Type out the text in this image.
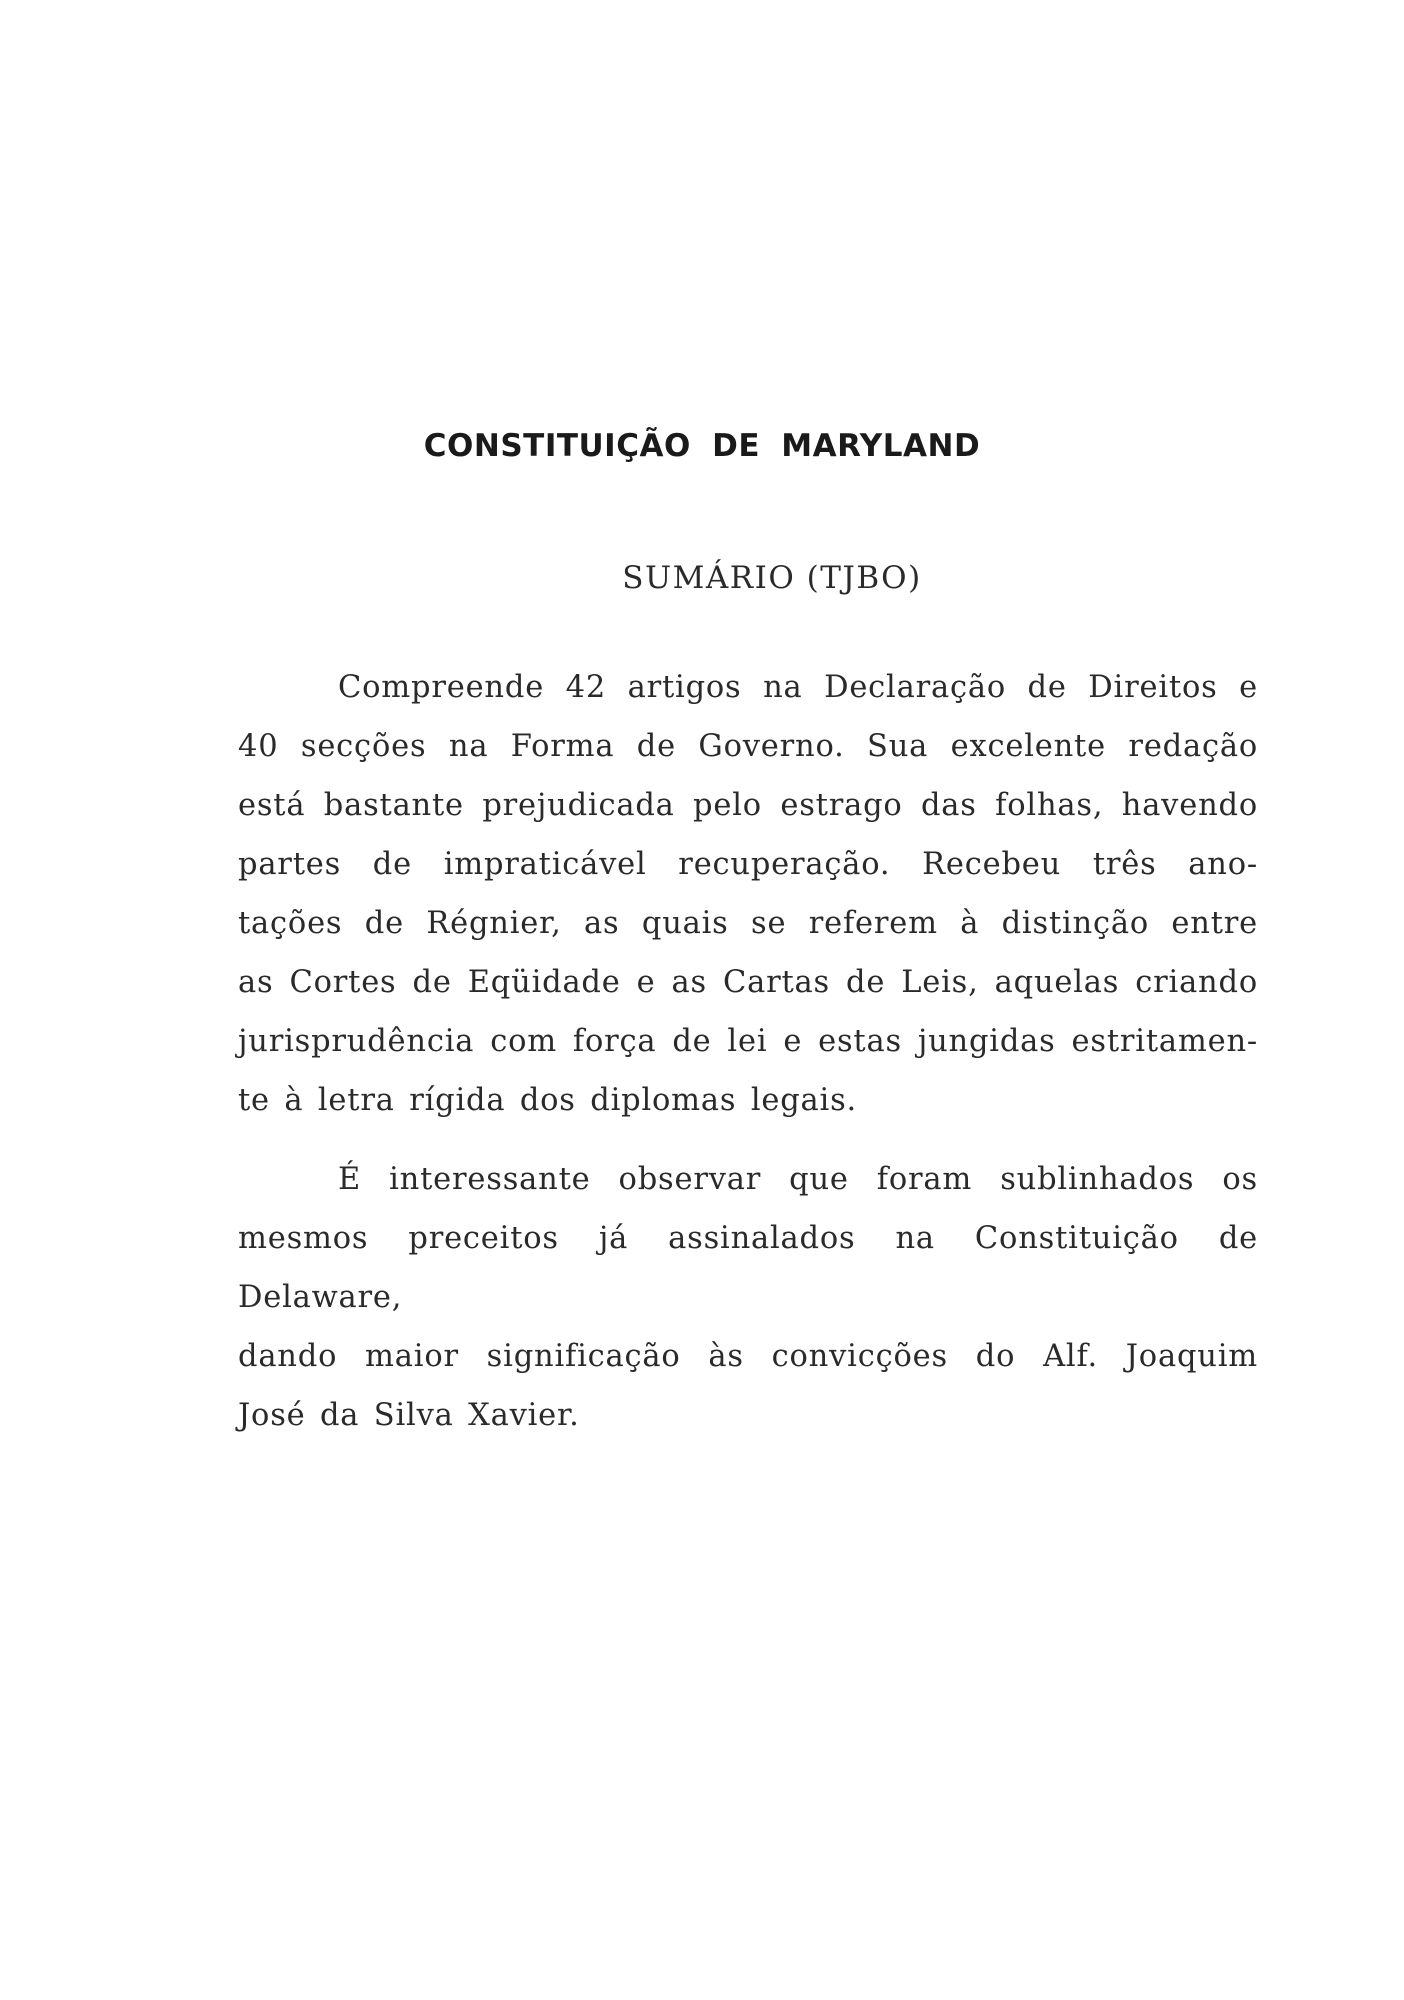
CONSTITUIÇÃO DE MARYLAND
SUMÁRIO (TJBO)
Compreende 42 artigos na Declaração de Direitos e
40 secções na Forma de Governo. Sua excelente redação
está bastante prejudicada pelo estrago das folhas, havendo
partes de impraticável recuperação. Recebeu três ano-
tações de Régnier, as quais se referem à distinção entre
as Cortes de Eqüidade e as Cartas de Leis, aquelas criando
jurisprudência com força de lei e estas jungidas estritamen-
te à letra rígida dos diplomas legais.
É interessante observar que foram sublinhados os
mesmos preceitos já assinalados na Constituição de Delaware,
dando maior significação às convicções do Alf. Joaquim
José da Silva Xavier.
